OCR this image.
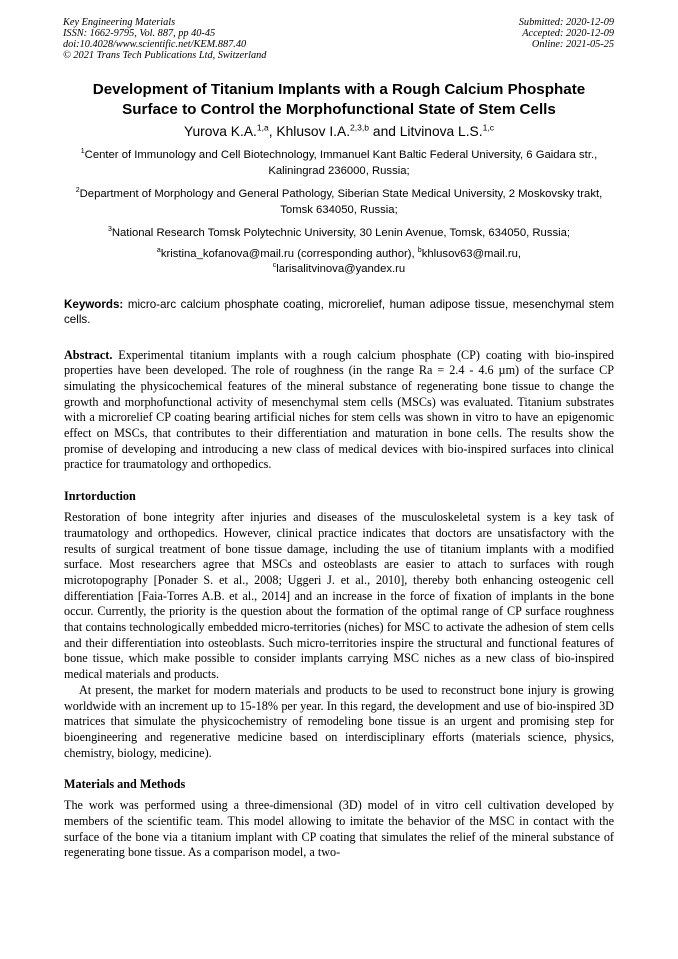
Key Engineering Materials
ISSN: 1662-9795, Vol. 887, pp 40-45
doi:10.4028/www.scientific.net/KEM.887.40
© 2021 Trans Tech Publications Ltd, Switzerland
Submitted: 2020-12-09
Accepted: 2020-12-09
Online: 2021-05-25
Development of Titanium Implants with a Rough Calcium Phosphate Surface to Control the Morphofunctional State of Stem Cells
Yurova K.A.$^{1,a}$, Khlusov I.A.$^{2,3,b}$ and Litvinova L.S.$^{1,c}$
$^1$Center of Immunology and Cell Biotechnology, Immanuel Kant Baltic Federal University, 6 Gaidara str., Kaliningrad 236000, Russia;
$^2$Department of Morphology and General Pathology, Siberian State Medical University, 2 Moskovsky trakt, Tomsk 634050, Russia;
$^3$National Research Tomsk Polytechnic University, 30 Lenin Avenue, Tomsk, 634050, Russia;
$^a$kristina_kofanova@mail.ru (corresponding author), $^b$khlusov63@mail.ru,
$^c$larisalitvinova@yandex.ru
Keywords: micro-arc calcium phosphate coating, microrelief, human adipose tissue, mesenchymal stem cells.
Abstract. Experimental titanium implants with a rough calcium phosphate (CP) coating with bio-inspired properties have been developed. The role of roughness (in the range Ra = 2.4 - 4.6 µm) of the surface CP simulating the physicochemical features of the mineral substance of regenerating bone tissue to change the growth and morphofunctional activity of mesenchymal stem cells (MSCs) was evaluated. Titanium substrates with a microrelief CP coating bearing artificial niches for stem cells was shown in vitro to have an epigenomic effect on MSCs, that contributes to their differentiation and maturation in bone cells. The results show the promise of developing and introducing a new class of medical devices with bio-inspired surfaces into clinical practice for traumatology and orthopedics.
Inrtorduction
Restoration of bone integrity after injuries and diseases of the musculoskeletal system is a key task of traumatology and orthopedics. However, clinical practice indicates that doctors are unsatisfactory with the results of surgical treatment of bone tissue damage, including the use of titanium implants with a modified surface. Most researchers agree that MSCs and osteoblasts are easier to attach to surfaces with rough microtopography [Ponader S. et al., 2008; Uggeri J. et al., 2010], thereby both enhancing osteogenic cell differentiation [Faia-Torres A.B. et al., 2014] and an increase in the force of fixation of implants in the bone occur. Currently, the priority is the question about the formation of the optimal range of CP surface roughness that contains technologically embedded micro-territories (niches) for MSC to activate the adhesion of stem cells and their differentiation into osteoblasts. Such micro-territories inspire the structural and functional features of bone tissue, which make possible to consider implants carrying MSC niches as a new class of bio-inspired medical materials and products.
At present, the market for modern materials and products to be used to reconstruct bone injury is growing worldwide with an increment up to 15-18% per year. In this regard, the development and use of bio-inspired 3D matrices that simulate the physicochemistry of remodeling bone tissue is an urgent and promising step for bioengineering and regenerative medicine based on interdisciplinary efforts (materials science, physics, chemistry, biology, medicine).
Materials and Methods
The work was performed using a three-dimensional (3D) model of in vitro cell cultivation developed by members of the scientific team. This model allowing to imitate the behavior of the MSC in contact with the surface of the bone via a titanium implant with CP coating that simulates the relief of the mineral substance of regenerating bone tissue. As a comparison model, a two-
